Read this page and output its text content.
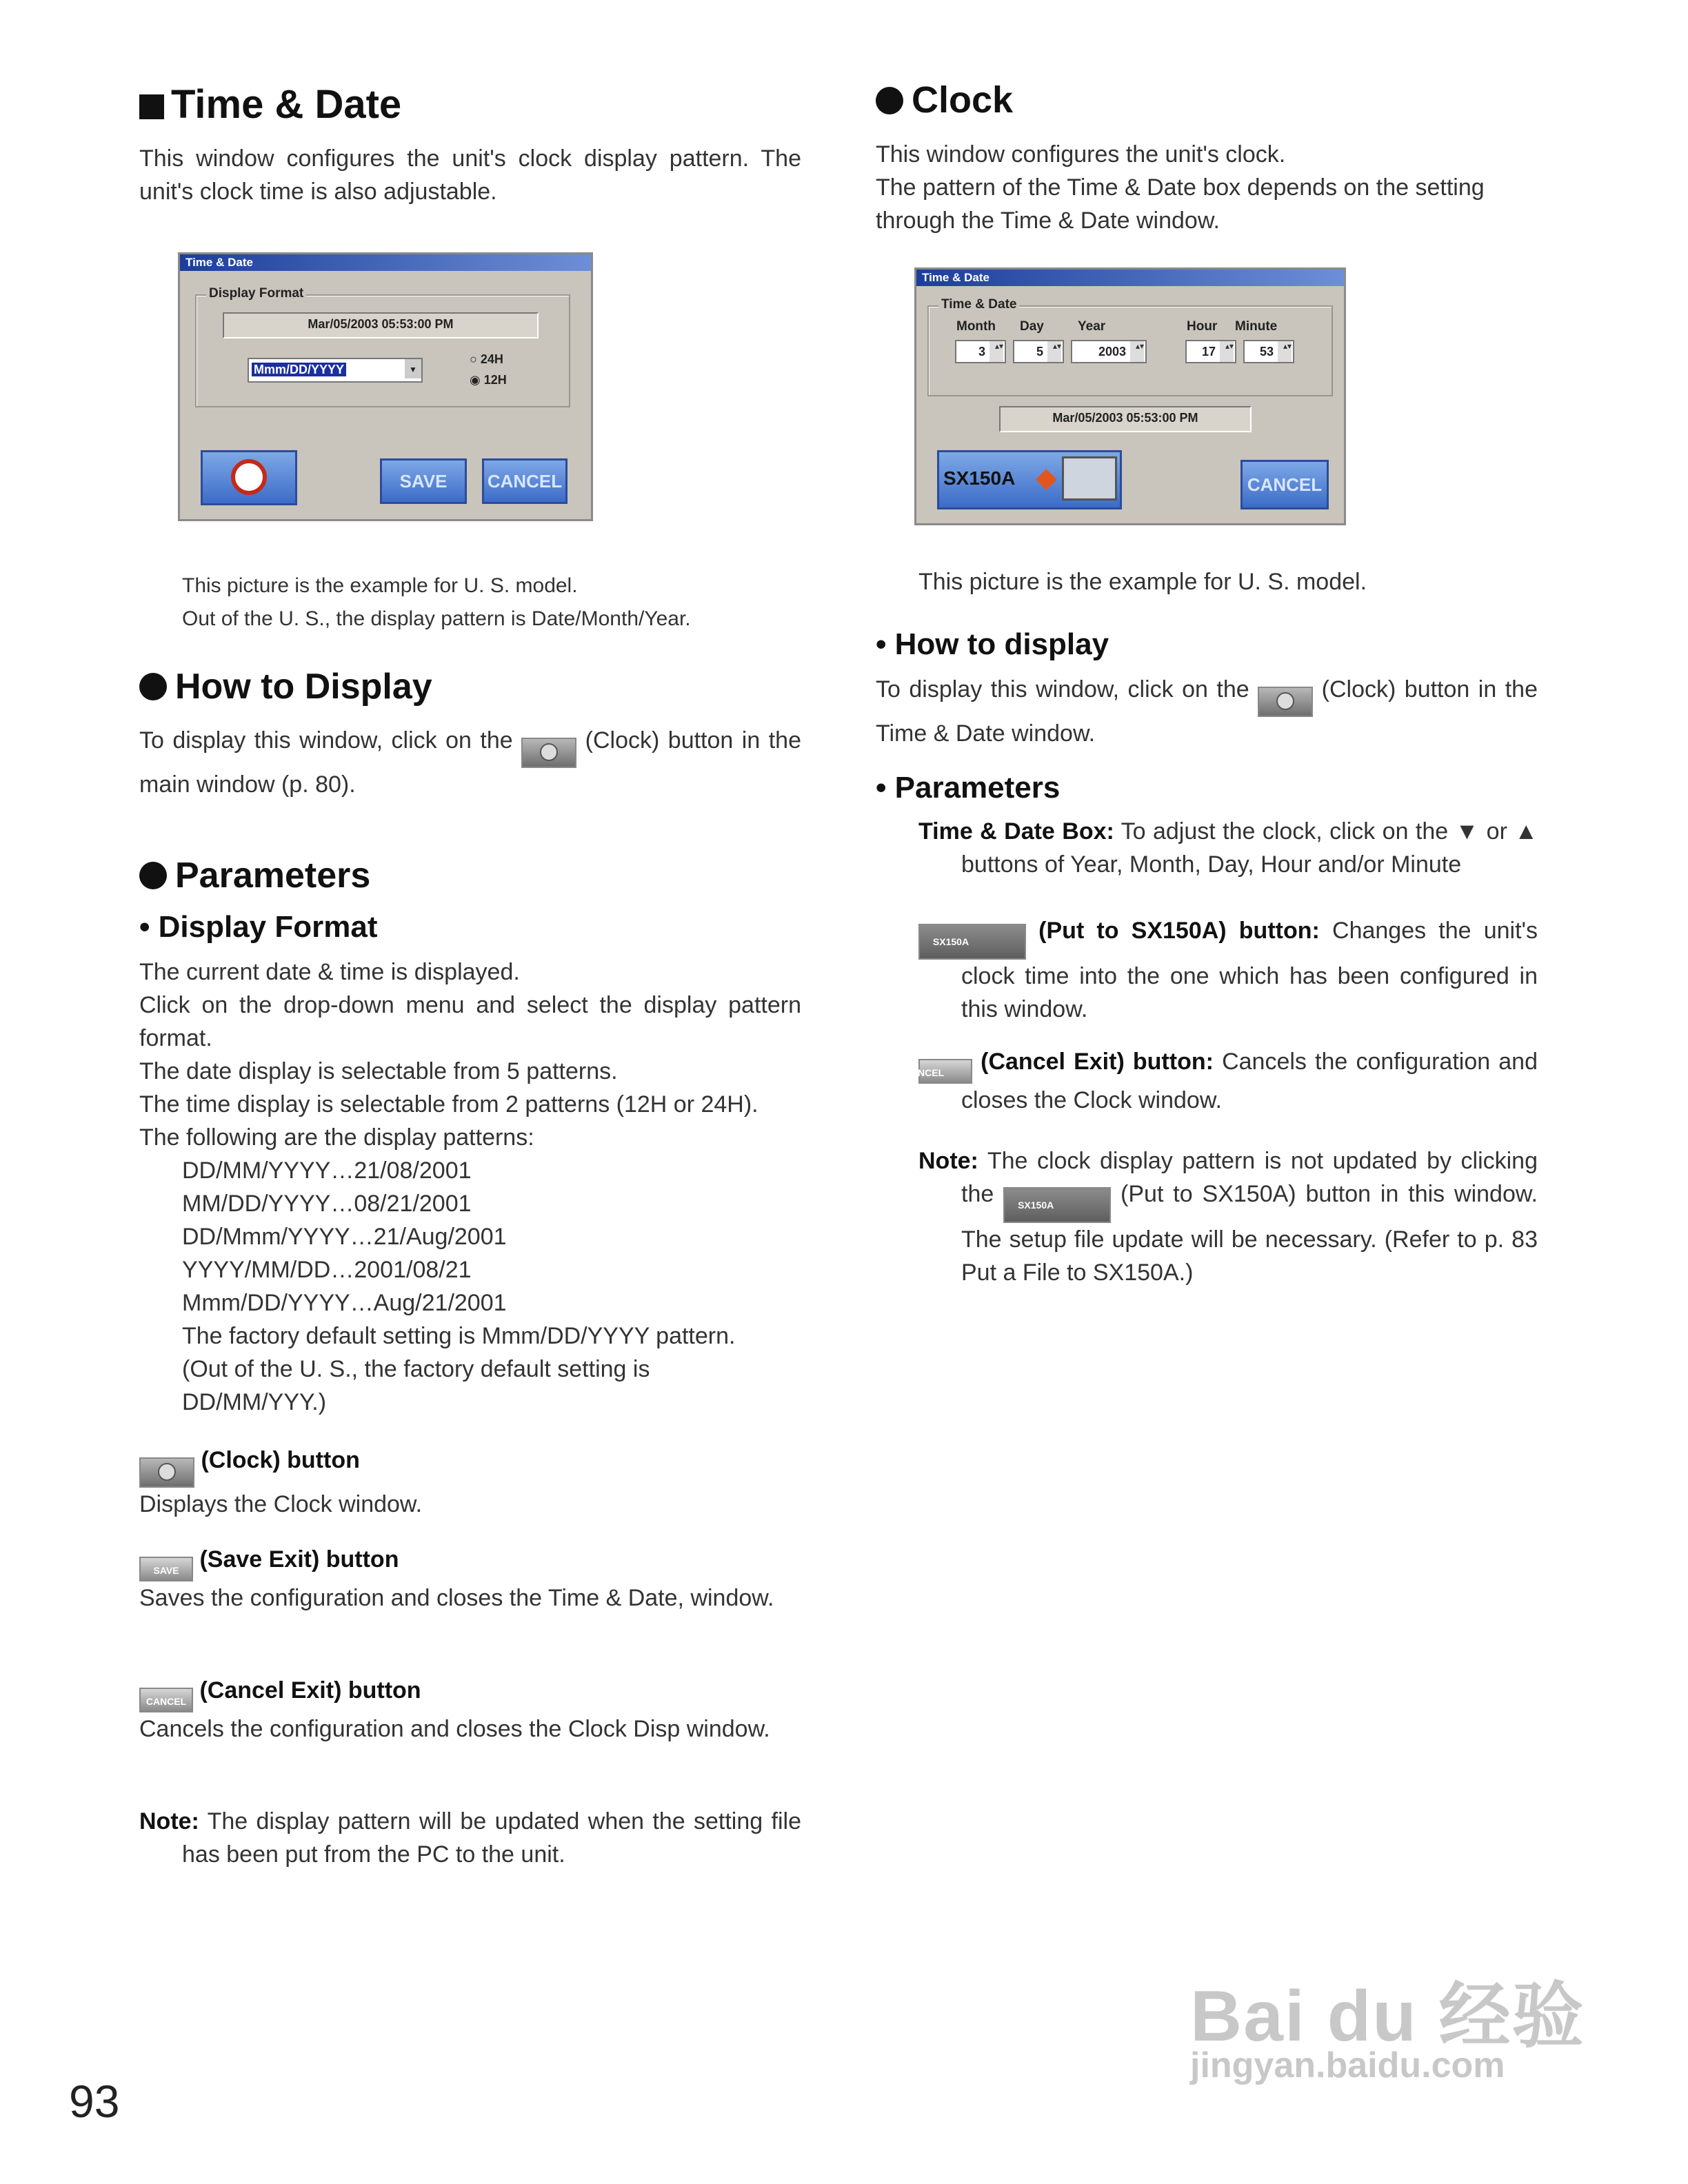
Time & Date
This window configures the unit's clock display pattern. The unit's clock time is also adjustable.
Time & Date
Display Format
Mar/05/2003 05:53:00 PM
Mmm/DD/YYYY	▼
○ 24H
◉ 12H
SAVE	CANCEL
This picture is the example for U. S. model.
Out of the U. S., the display pattern is Date/Month/Year.
How to Display
To display this window, click on the	(Clock) button in the main window (p. 80).
Parameters
• Display Format
The current date & time is displayed.
Click on the drop-down menu and select the display pattern format.
The date display is selectable from 5 patterns.
The time display is selectable from 2 patterns (12H or 24H).
The following are the display patterns:
DD/MM/YYYY…21/08/2001
MM/DD/YYYY…08/21/2001
DD/Mmm/YYYY…21/Aug/2001
YYYY/MM/DD…2001/08/21
Mmm/DD/YYYY…Aug/21/2001
The factory default setting is Mmm/DD/YYYY pattern.
(Out of the U. S., the factory default setting is DD/MM/YYY.)
(Clock) button
Displays the Clock window.
SAVE (Save Exit) button
Saves the configuration and closes the Time & Date, window.
CANCEL (Cancel Exit) button
Cancels the configuration and closes the Clock Disp window.
Note: The display pattern will be updated when the setting file has been put from the PC to the unit.
Clock
This window configures the unit's clock.
The pattern of the Time & Date box depends on the setting through the Time & Date window.
Time & Date
Time & Date
Month Day	Year	Hour Minute
3 ▴▾	5 ▴▾	2003 ▴▾	17 ▴▾	53 ▴▾
Mar/05/2003 05:53:00 PM
SX150A ◆	CANCEL
This picture is the example for U. S. model.
• How to display
To display this window, click on the	(Clock) button in the Time & Date window.
• Parameters
Time & Date Box: To adjust the clock, click on the ▼ or ▲ buttons of Year, Month, Day, Hour and/or Minute
SX150A	(Put to SX150A) button: Changes the unit's clock time into the one which has been configured in this window.
CANCEL (Cancel Exit) button: Cancels the configuration and closes the Clock window.
Note: The clock display pattern is not updated by clicking the SX150A	(Put to SX150A) button in this window. The setup file update will be necessary. (Refer to p. 83 Put a File to SX150A.)
93
Bai du 经验
jingyan.baidu.com
